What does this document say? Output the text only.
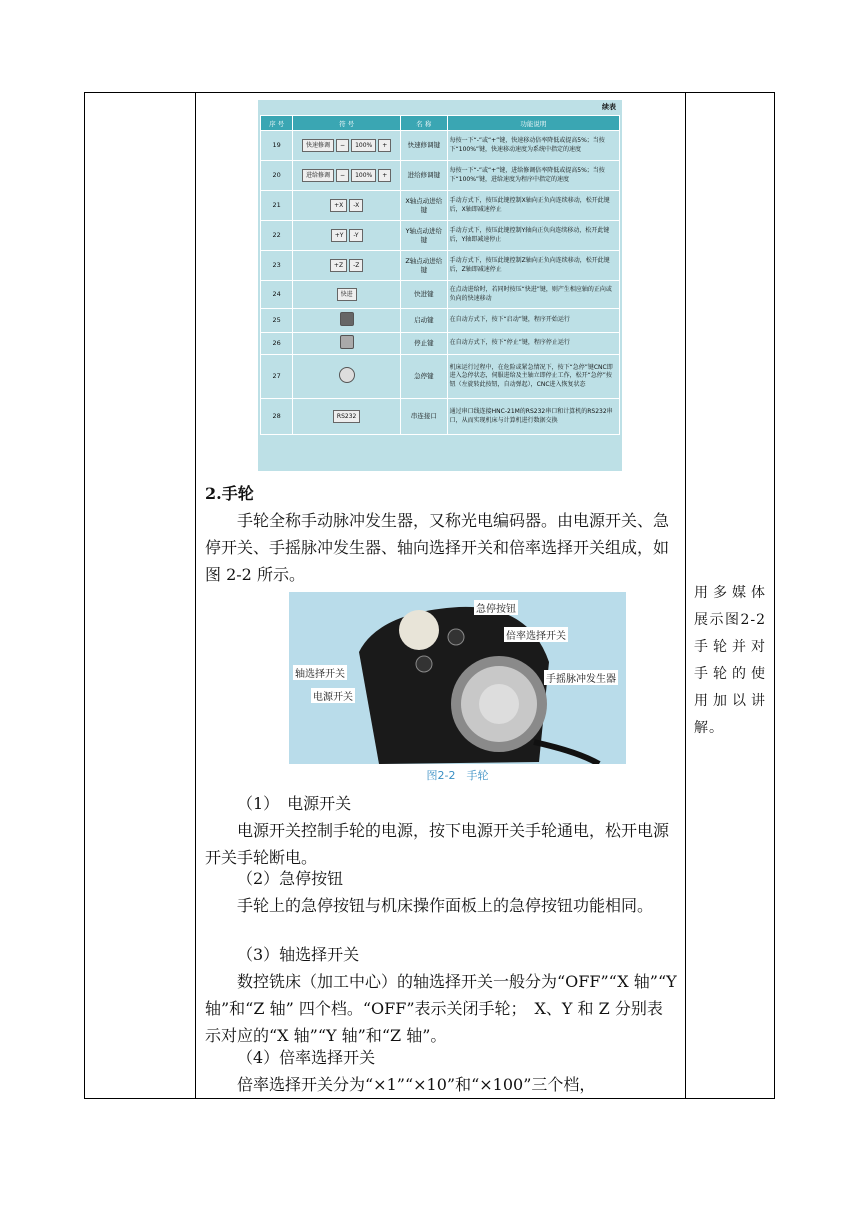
续表
序 号	符 号	名 称	功能说明
19	快速修调 − 100% +	快速修调键	每按一下“-”或“+”键，快速移动倍率降低或提高5%；当按下“100%”键，快速移动速度为系统中指定的速度
20	进给修调 − 100% +	进给修调键	每按一下“-”或“+”键，进给修调倍率降低或提高5%；当按下“100%”键，进给速度为程序中指定的速度
21	+X -X	X轴点动进给键	手动方式下，按压此键控制X轴向正负向连续移动，松开此键后，X轴即减速停止
22	+Y -Y	Y轴点动进给键	手动方式下，按压此键控制Y轴向正负向连续移动，松开此键后，Y轴即减速停止
23	+Z -Z	Z轴点动进给键	手动方式下，按压此键控制Z轴向正负向连续移动，松开此键后，Z轴即减速停止
24	快进	快进键	在点动进给时，若同时按压“快进”键，则产生相应轴的正向或负向的快速移动
25		启动键	在自动方式下，按下“启动”键，程序开始运行
26		停止键	在自动方式下，按下“停止”键，程序停止运行
27		急停键	机床运行过程中，在危险或紧急情况下，按下“急停”键CNC即进入急停状态，伺服进给及主轴立即停止工作，松开“急停”按钮（左旋转此按钮，自动弹起），CNC进入恢复状态
28	RS232	串连接口	通过串口线连接HNC-21M的RS232串口和计算机的RS232串口，从而实现机床与计算机进行数据交换
2.手轮
手轮全称手动脉冲发生器，又称光电编码器。由电源开关、急停开关、手摇脉冲发生器、轴向选择开关和倍率选择开关组成，如图 2-2 所示。
急停按钮
倍率选择开关
轴选择开关	手摇脉冲发生器
电源开关
图2-2　手轮
（1）　电源开关
电源开关控制手轮的电源，按下电源开关手轮通电，松开电源开关手轮断电。
（2）急停按钮
手轮上的急停按钮与机床操作面板上的急停按钮功能相同。
（3）轴选择开关
数控铣床（加工中心）的轴选择开关一般分为“OFF”“X 轴”“Y 轴”和“Z 轴” 四个档。“OFF”表示关闭手轮；　X、Y 和 Z 分别表示对应的“X 轴”“Y 轴”和“Z 轴”。
（4）倍率选择开关
倍率选择开关分为“×1”“×10”和“×100”三个档，
用多媒体展示图2-2手轮并对手轮的使用加以讲解。
